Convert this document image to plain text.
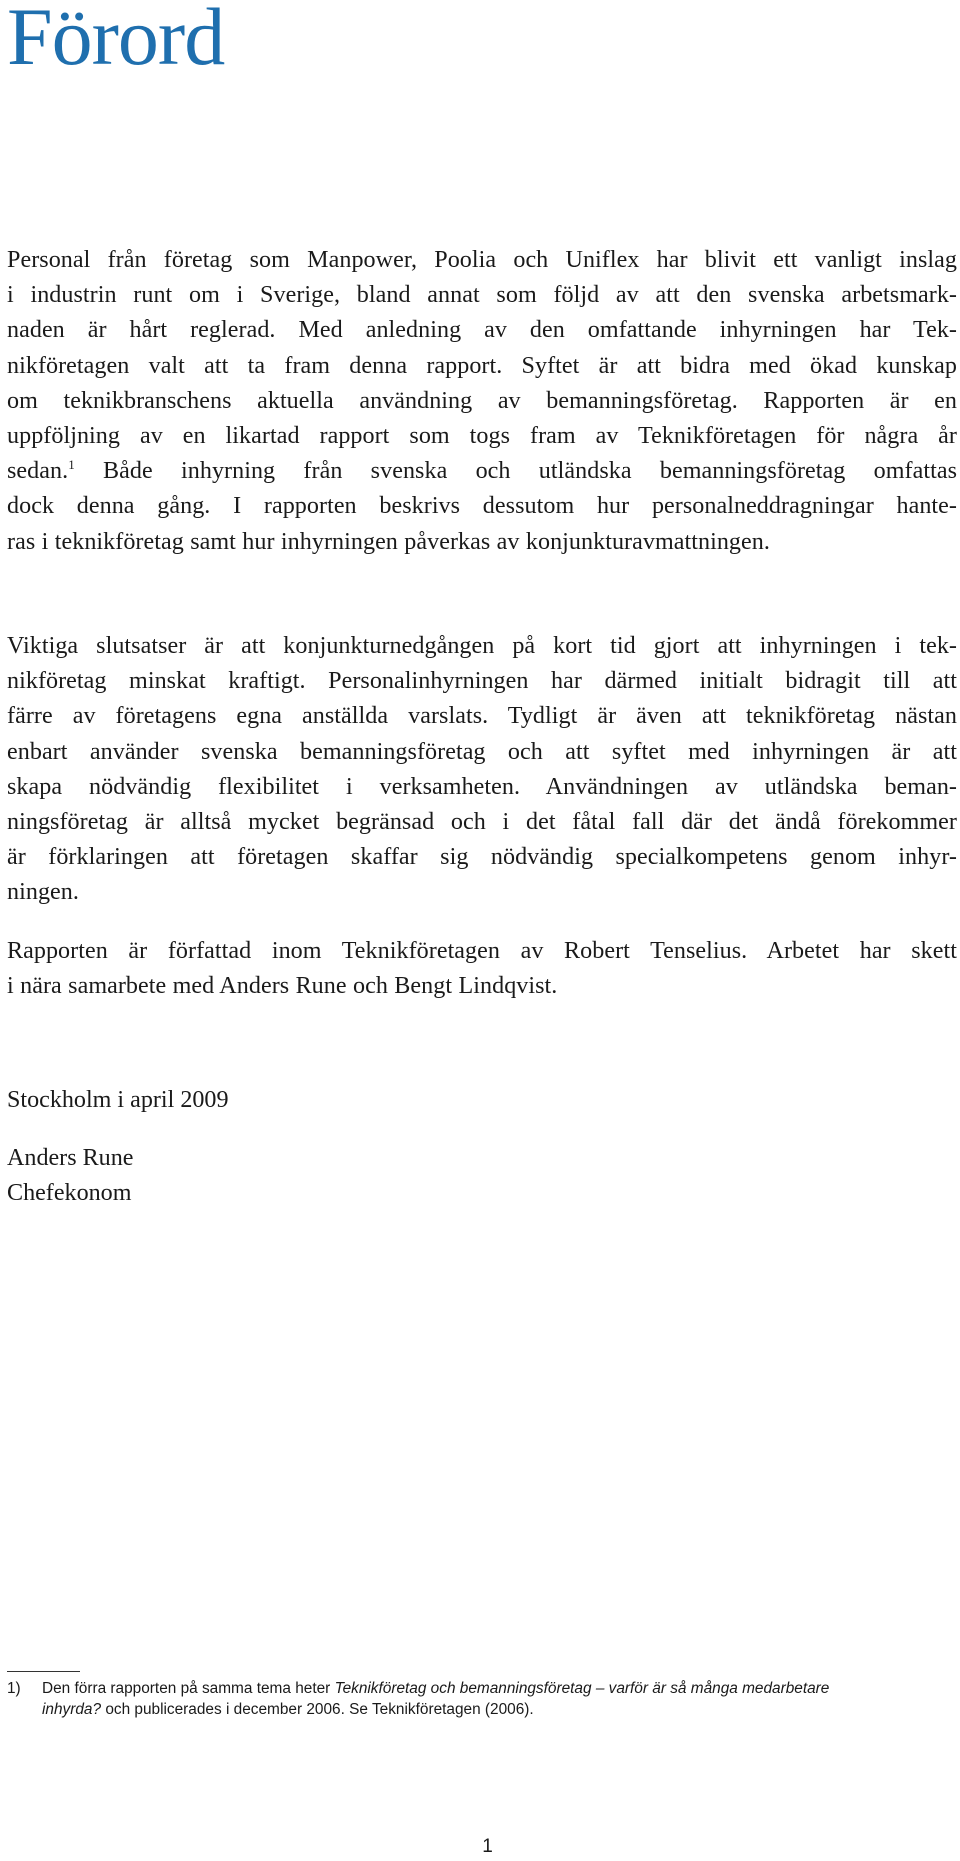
Förord
Personal från företag som Manpower, Poolia och Uniflex har blivit ett vanligt inslag
i industrin runt om i Sverige, bland annat som följd av att den svenska arbetsmark-
naden är hårt reglerad. Med anledning av den omfattande inhyrningen har Tek-
nikföretagen valt att ta fram denna rapport. Syftet är att bidra med ökad kunskap
om teknikbranschens aktuella användning av bemanningsföretag. Rapporten är en
uppföljning av en likartad rapport som togs fram av Teknikföretagen för några år
sedan.$^1$ Både inhyrning från svenska och utländska bemanningsföretag omfattas
dock denna gång. I rapporten beskrivs dessutom hur personalneddragningar hante-
ras i teknikföretag samt hur inhyrningen påverkas av konjunkturavmattningen.
Viktiga slutsatser är att konjunkturnedgången på kort tid gjort att inhyrningen i tek-
nikföretag minskat kraftigt. Personalinhyrningen har därmed initialt bidragit till att
färre av företagens egna anställda varslats. Tydligt är även att teknikföretag nästan
enbart använder svenska bemanningsföretag och att syftet med inhyrningen är att
skapa nödvändig flexibilitet i verksamheten. Användningen av utländska beman-
ningsföretag är alltså mycket begränsad och i det fåtal fall där det ändå förekommer
är förklaringen att företagen skaffar sig nödvändig specialkompetens genom inhyr-
ningen.
Rapporten är författad inom Teknikföretagen av Robert Tenselius. Arbetet har skett
i nära samarbete med Anders Rune och Bengt Lindqvist.

Stockholm i april 2009

Anders Rune
Chefekonom
1) Den förra rapporten på samma tema heter Teknikföretag och bemanningsföretag – varför är så många medarbetare
inhyrda? och publicerades i december 2006. Se Teknikföretagen (2006).
1
